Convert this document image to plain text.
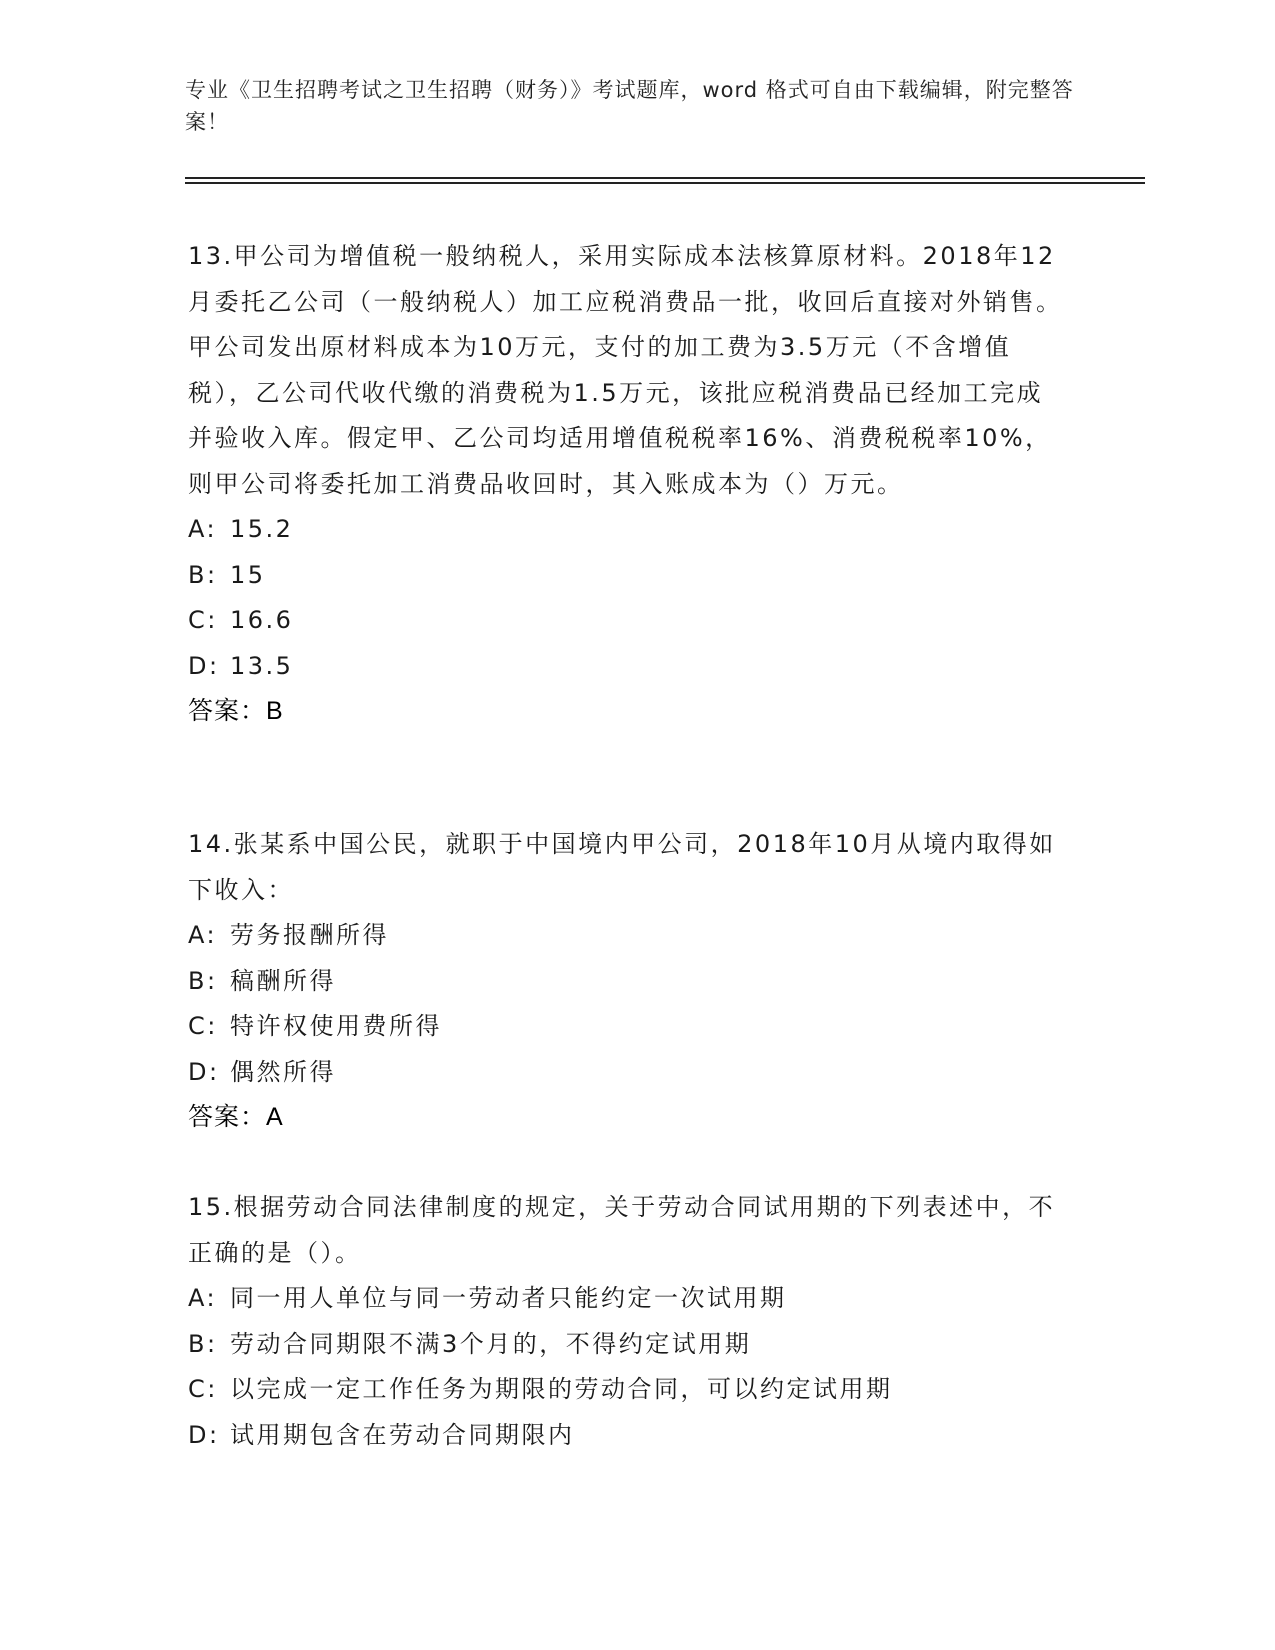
专业《卫生招聘考试之卫生招聘（财务）》考试题库，word 格式可自由下载编辑，附完整答案！

13.甲公司为增值税一般纳税人，采用实际成本法核算原材料。2018年12月委托乙公司（一般纳税人）加工应税消费品一批，收回后直接对外销售。甲公司发出原材料成本为10万元，支付的加工费为3.5万元（不含增值税），乙公司代收代缴的消费税为1.5万元，该批应税消费品已经加工完成并验收入库。假定甲、乙公司均适用增值税税率16%、消费税税率10%，则甲公司将委托加工消费品收回时，其入账成本为（）万元。

A: 15.2

B: 15

C: 16.6

D: 13.5

答案：B

14.张某系中国公民，就职于中国境内甲公司，2018年10月从境内取得如下收入：

A: 劳务报酬所得

B: 稿酬所得

C: 特许权使用费所得

D: 偶然所得

答案：A

15.根据劳动合同法律制度的规定，关于劳动合同试用期的下列表述中，不正确的是（）。

A: 同一用人单位与同一劳动者只能约定一次试用期

B: 劳动合同期限不满3个月的，不得约定试用期

C: 以完成一定工作任务为期限的劳动合同，可以约定试用期

D: 试用期包含在劳动合同期限内
